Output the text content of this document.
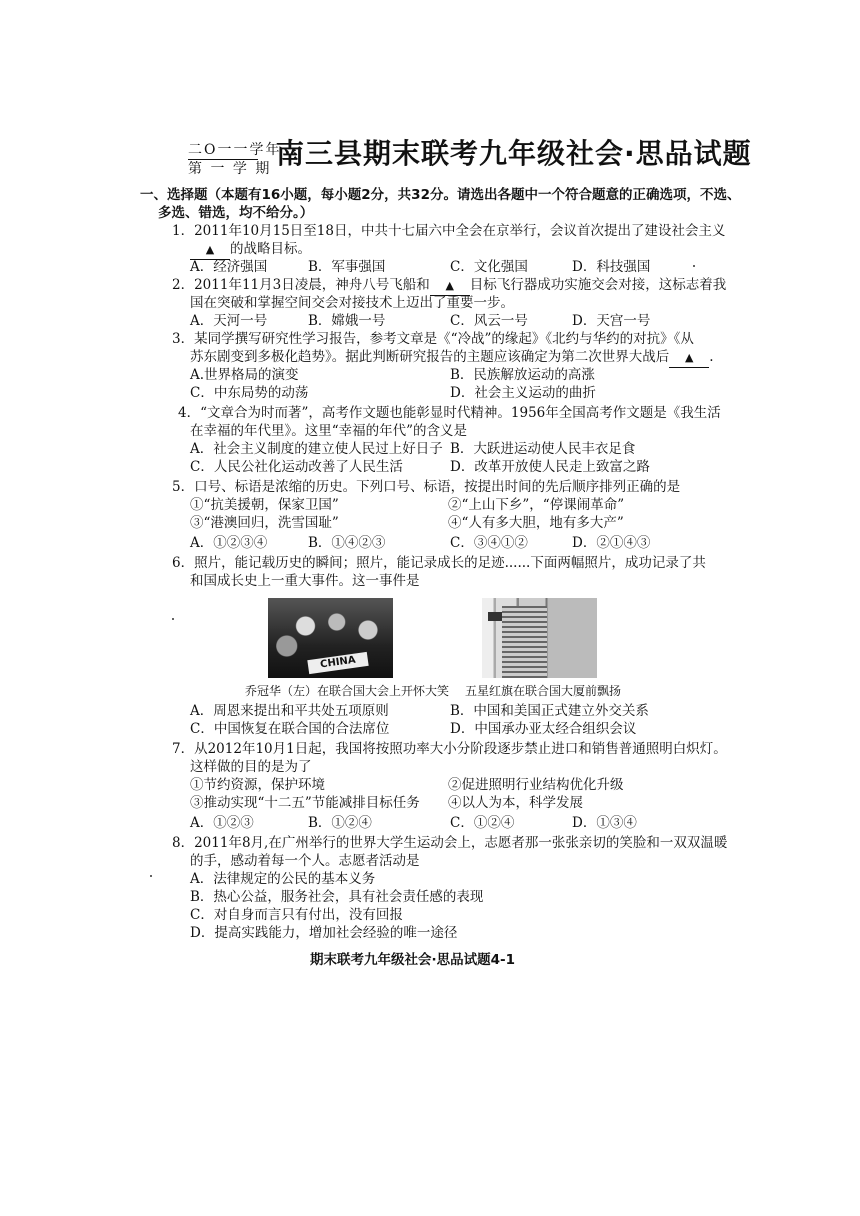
二O一一学年
第 一 学 期 南三县期末联考九年级社会·思品试题
一、选择题（本题有16小题，每小题2分，共32分。请选出各题中一个符合题意的正确选项，不选、
多选、错选，均不给分。）
1．2011年10月15日至18日，中共十七届六中全会在京举行，会议首次提出了建设社会主义
▲ 的战略目标。
A．经济强国	B．军事强国	C．文化强国	D．科技强国
2．2011年11月3日凌晨，神舟八号飞船和 ▲ 目标飞行器成功实施交会对接，这标志着我
国在突破和掌握空间交会对接技术上迈出了重要一步。
A．天河一号	B．嫦娥一号	C．风云一号	D．天宫一号
3．某同学撰写研究性学习报告，参考文章是《“冷战”的缘起》《北约与华约的对抗》《从
苏东剧变到多极化趋势》。据此判断研究报告的主题应该确定为第二次世界大战后 ▲ .
A.世界格局的演变	B．民族解放运动的高涨
C．中东局势的动荡	D．社会主义运动的曲折
4．“文章合为时而著”，高考作文题也能彰显时代精神。1956年全国高考作文题是《我生活
在幸福的年代里》。这里“幸福的年代”的含义是
A．社会主义制度的建立使人民过上好日子 B．大跃进运动使人民丰衣足食
C．人民公社化运动改善了人民生活	D．改革开放使人民走上致富之路
5．口号、标语是浓缩的历史。下列口号、标语，按提出时间的先后顺序排列正确的是
①“抗美援朝，保家卫国”	②“上山下乡”，“停课闹革命”
③“港澳回归，洗雪国耻”	④“人有多大胆，地有多大产”
A．①②③④	B．①④②③	C．③④①②	D．②①④③
6．照片，能记载历史的瞬间；照片，能记录成长的足迹......下面两幅照片，成功记录了共
和国成长史上一重大事件。这一事件是
CHINA
乔冠华（左）在联合国大会上开怀大笑 五星红旗在联合国大厦前飘扬
A．周恩来提出和平共处五项原则	B．中国和美国正式建立外交关系
C．中国恢复在联合国的合法席位	D．中国承办亚太经合组织会议
7．从2012年10月1日起，我国将按照功率大小分阶段逐步禁止进口和销售普通照明白炽灯。
这样做的目的是为了
①节约资源，保护环境	②促进照明行业结构优化升级
③推动实现“十二五”节能减排目标任务 ④以人为本，科学发展
A．①②③	B．①②④	C．①②④	D．①③④
8．2011年8月,在广州举行的世界大学生运动会上，志愿者那一张张亲切的笑脸和一双双温暖
的手，感动着每一个人。志愿者活动是
A．法律规定的公民的基本义务
B．热心公益，服务社会，具有社会责任感的表现
C．对自身而言只有付出，没有回报
D．提高实践能力，增加社会经验的唯一途径
期末联考九年级社会·思品试题4-1
